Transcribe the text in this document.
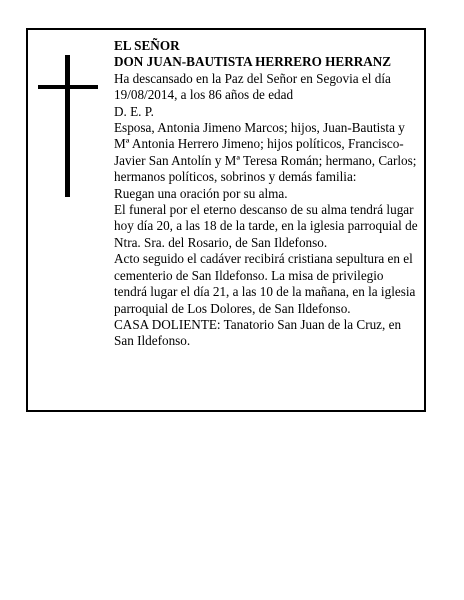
EL SEÑOR

DON JUAN-BAUTISTA HERRERO HERRANZ

Ha descansado en la Paz del Señor en Segovia el día 19/08/2014, a los 86 años de edad

D. E. P.

Esposa, Antonia Jimeno Marcos; hijos, Juan-Bautista y Mª Antonia Herrero Jimeno; hijos políticos, Francisco-Javier San Antolín y Mª Teresa Román; hermano, Carlos; hermanos políticos, sobrinos y demás familia:

Ruegan una oración por su alma.

El funeral por el eterno descanso de su alma tendrá lugar hoy día 20, a las 18 de la tarde, en la iglesia parroquial de Ntra. Sra. del Rosario, de San Ildefonso.

Acto seguido el cadáver recibirá cristiana sepultura en el cementerio de San Ildefonso. La misa de privilegio tendrá lugar el día 21, a las 10 de la mañana, en la iglesia parroquial de Los Dolores, de San Ildefonso.

CASA DOLIENTE: Tanatorio San Juan de la Cruz, en San Ildefonso.
